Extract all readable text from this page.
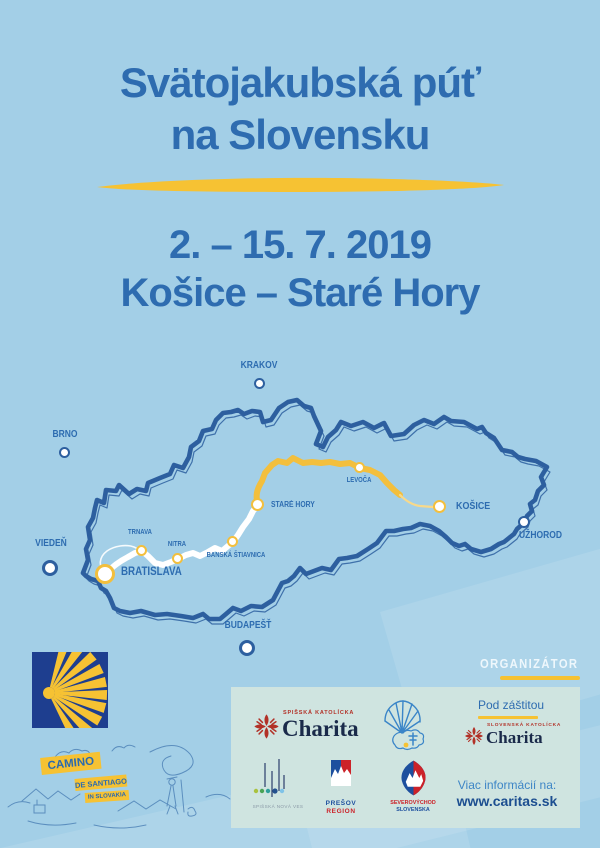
Svätojakubská púť
na Slovensku
2. – 15. 7. 2019
Košice – Staré Hory
BRATISLAVA
TRNAVA
NITRA
BANSKÁ ŠTIAVNICA
STARÉ HORY
LEVOČA
KOŠICE
VIEDEŇ
BRNO
KRAKOV
BUDAPEŠŤ
UŽHOROD
CAMINO
DE SANTIAGO
IN SLOVAKIA
ORGANIZÁTOR
SPIŠSKÁ KATOLÍCKA
Charita
Pod záštitou
SLOVENSKÁ KATOLÍCKA
Charita
SPIŠSKÁ NOVÁ VES	PREŠOV
REGION
SEVEROVÝCHOD
SLOVENSKA
Viac informácií na:
www.caritas.sk
